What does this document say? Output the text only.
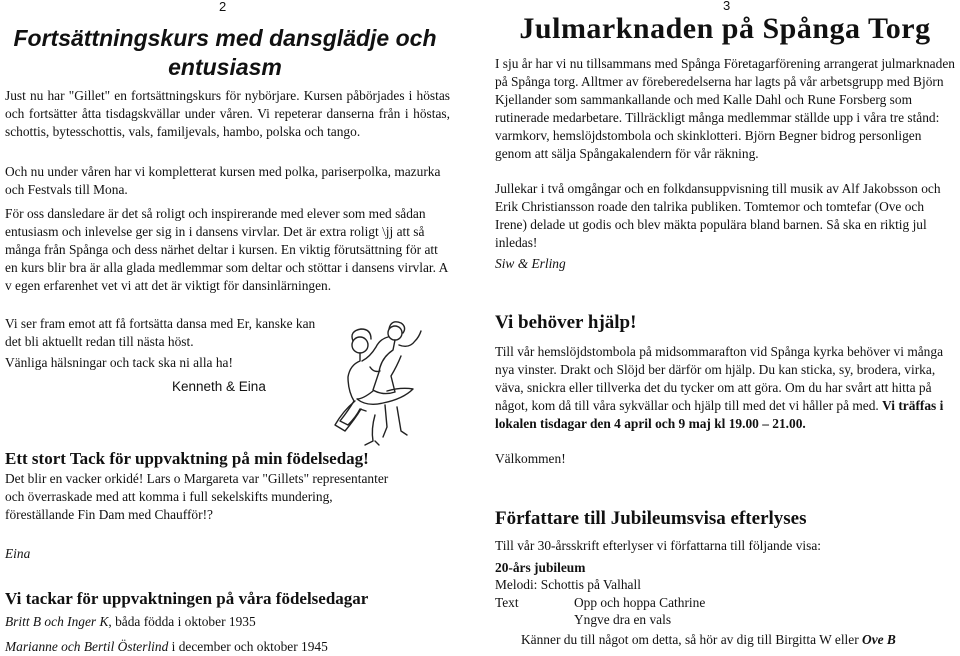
2
Fortsättningskurs med dansglädje och
entusiasm

Just nu har "Gillet" en fortsättningskurs för nybörjare. Kursen påbörjades i höstas och fortsätter åtta tisdagskvällar under våren. Vi repeterar danserna från i höstas, schottis, bytesschottis, vals, familjevals, hambo, polska och tango.

Och nu under våren har vi kompletterat kursen med polka, pariserpolka, mazurka och Festvals till Mona.

För oss dansledare är det så roligt och inspirerande med elever som med sådan entusiasm och inlevelse ger sig in i dansens virvlar. Det är extra roligt \jj att så många från Spånga och dess närhet deltar i kursen. En viktig förutsättning för att en kurs blir bra är alla glada medlemmar som deltar och stöttar i dansens virvlar. A v egen erfarenhet vet vi att det är viktigt för dansinlärningen.

Vi ser fram emot att få fortsätta dansa med Er, kanske kan det bli aktuellt redan till nästa höst.

Vänliga hälsningar och tack ska ni alla ha!

Kenneth & Eina

Ett stort Tack för uppvaktning på min födelsedag!

Det blir en vacker orkidé! Lars o Margareta var "Gillets" representanter och överraskade med att komma i full sekelskifts mundering, föreställande Fin Dam med Chaufför!?

Eina

Vi tackar för uppvaktningen på våra födelsedagar

Britt B och Inger K, båda födda i oktober 1935

Marianne och Bertil Österlind i december och oktober 1945

3
Julmarknaden på Spånga Torg

I sju år har vi nu tillsammans med Spånga Företagarförening arrangerat julmarknaden på Spånga torg. Alltmer av föreberedelserna har lagts på vår arbetsgrupp med Björn Kjellander som sammankallande och med Kalle Dahl och Rune Forsberg som rutinerade medarbetare. Tillräckligt många medlemmar ställde upp i våra tre stånd: varmkorv, hemslöjdstombola och skinklotteri. Björn Begner bidrog personligen genom att sälja Spångakalendern för vår räkning.

Jullekar i två omgångar och en folkdansuppvisning till musik av Alf Jakobsson och Erik Christiansson roade den talrika publiken. Tomtemor och tomtefar (Ove och Irene) delade ut godis och blev mäkta populära bland barnen. Så ska en riktig jul inledas!

Siw & Erling

Vi behöver hjälp!

Till vår hemslöjdstombola på midsommarafton vid Spånga kyrka behöver vi många nya vinster. Drakt och Slöjd ber därför om hjälp. Du kan sticka, sy, brodera, virka, väva, snickra eller tillverka det du tycker om att göra. Om du har svårt att hitta på något, kom då till våra sykvällar och hjälp till med det vi håller på med. Vi träffas i lokalen tisdagar den 4 april och 9 maj kl 19.00 – 21.00.

Välkommen!

Författare till Jubileumsvisa efterlyses

Till vår 30-årsskrift efterlyser vi författarna till följande visa:

20-års jubileum
Melodi: Schottis på Valhall
Text	Opp och hoppa Cathrine
Yngve dra en vals

Känner du till något om detta, så hör av dig till Birgitta W eller Ove B
